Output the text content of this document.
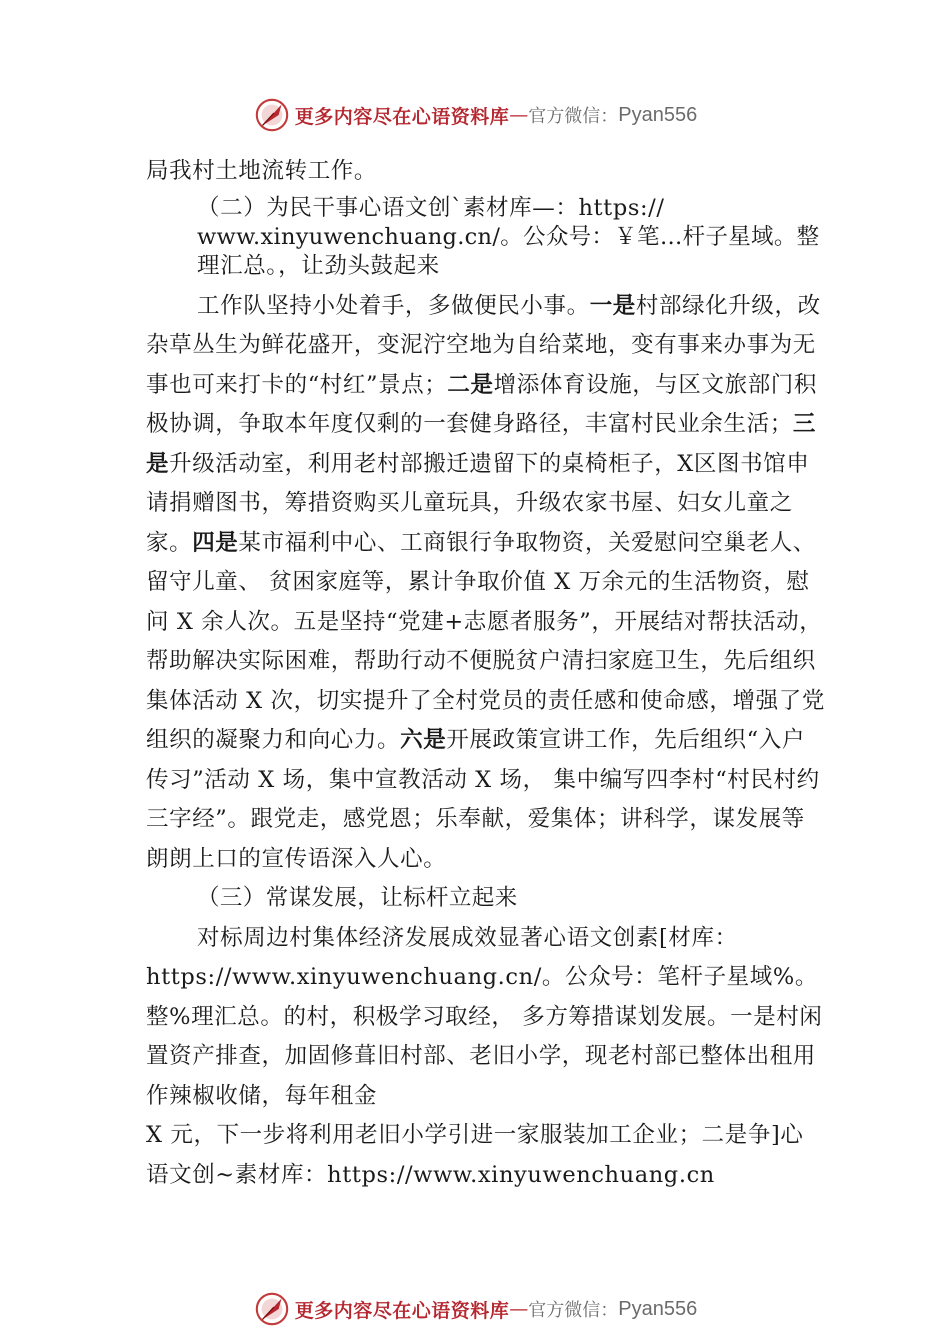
更多内容尽在心语资料库 — 官方微信： Pyan556

局我村土地流转工作。

（二）为民干事心语文创`素材库—：https://
www.xinyuwenchuang.cn/。公众号：￥笔…杆子星域。整
理汇总。，让劲头鼓起来

工作队坚持小处着手，多做便民小事。一是村部绿化升级，改杂草丛生为鲜花盛开，变泥泞空地为自给菜地，变有事来办事为无事也可来打卡的“村红”景点；二是增添体育设施，与区文旅部门积极协调，争取本年度仅剩的一套健身路径，丰富村民业余生活；三是升级活动室，利用老村部搬迁遗留下的桌椅柜子，X区图书馆申请捐赠图书，筹措资购买儿童玩具，升级农家书屋、妇女儿童之家。四是某市福利中心、工商银行争取物资，关爱慰问空巢老人、留守儿童、 贫困家庭等，累计争取价值 X 万余元的生活物资，慰问 X 余人次。五是坚持“党建+志愿者服务”，开展结对帮扶活动，帮助解决实际困难，帮助行动不便脱贫户清扫家庭卫生，先后组织集体活动 X 次，切实提升了全村党员的责任感和使命感，增强了党组织的凝聚力和向心力。六是开展政策宣讲工作，先后组织“入户传习”活动 X 场，集中宣教活动 X 场， 集中编写四李村“村民村约三字经”。跟党走，感党恩；乐奉献，爱集体；讲科学，谋发展等朗朗上口的宣传语深入人心。

（三）常谋发展，让标杆立起来

对标周边村集体经济发展成效显著心语文创素[材库：

https://www.xinyuwenchuang.cn/。公众号：笔杆子星域%。整%理汇总。的村，积极学习取经， 多方筹措谋划发展。一是村闲置资产排查，加固修葺旧村部、老旧小学，现老村部已整体出租用作辣椒收储，每年租金

X 元，下一步将利用老旧小学引进一家服装加工企业；二是争]心语文创~素材库：https://www.xinyuwenchuang.cn

更多内容尽在心语资料库 — 官方微信： Pyan556
